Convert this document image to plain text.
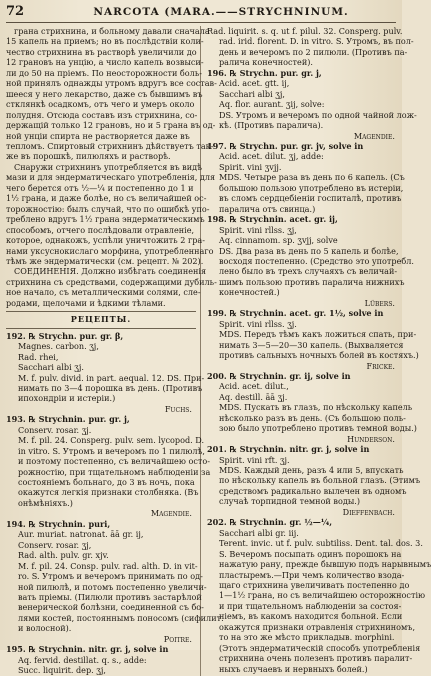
72	NARCOTA (MARA.——STRYCHNINUM.
грана стрихнина, и больному давали сначала
15 капель на приемъ; но въ послѣдствіи коли-
чество стрихнина въ растворѣ увеличили до
12 грановъ на унцію, а число капель возвыси-
ли до 50 на пріемъ. По неосторожности боль-
ной принялъ однажды утромъ вдругъ все состав-
шееся у него лекарство, даже съ бывшимъ въ
стклянкѣ осадкомъ, отъ чего и умеръ около
полудня. Отсюда составъ изъ стрихнина, со-
держащій только 12 грановъ, но и 5 грана въ од-
ной унціи спирта не растворяется даже въ
тепломъ. Спиртовый стрихнинъ дѣйствуетъ так-
же въ порошкѣ, пилюляхъ и растворѣ.
Снаружи стрихнинъ употребляется въ видѣ
мази и для эндерматическаго употребленія, для
чего берется отъ ½—¼ и постепенно до 1 и
1½ грана, и даже болѣе, но съ величайшей ос-
торожностію: былъ случай, что по ошибкѣ упо-
треблено вдругъ 1½ грана эндерматическимъ
способомъ, отчего послѣдовали отравленіе,
которое, однакожъ, успѣли уничтожить 2 гра-
нами уксуснокислаго морфина, употребленнаго
тѣмъ же эндерматически (см. рецепт. № 202).
СОЕДИНЕНІЯ. Должно избѣгать соединенія
стрихнина съ средствами, содержащими дубиль-
ное начало, съ металлическими солями, сле-
родами, щелочами и ѣдкими тѣлами.
РЕЦЕПТЫ.
192. ℞ Strychn. pur. gr. β,
Magnes. carbon. ʒj,
Rad. rhei,
Sacchari albi ʒj.
M. f. pulv. divid. in part. aequal. 12. DS. При-
нимать по 3—4 порошка въ день. (Противъ
ипохондріи и истеріи.)
Fuchs.
193. ℞ Strychnin. pur. gr. j,
Conserv. rosar. ʒj.
M. f. pil. 24. Consperg. pulv. sem. lycopod. D.
in vitro. S. Утромъ и вечеромъ по 1 пилюлѣ,
и поэтому постепенно, съ величайшею осто-
рожностію, при тщательномъ наблюденіи за
состояніемъ больнаго, до 3 въ ночь, пока
окажутся легкія признаки столбняка. (Въ
онѣмѣніяхъ.)
Magendie.
194. ℞ Strychnin. puri,
Aur. muriat. natronat. āā gr. ij,
Conserv. rosar. ʒj,
Rad. alth. pulv. gr. xjv.
M. f. pil. 24. Consp. pulv. rad. alth. D. in vit-
ro. S. Утромъ и вечеромъ принимать по од-
ной пилюлѣ, и потомъ постепенно увеличи-
вать пріемы. (Пилюли противъ застарѣлой
венерической болѣзни, соединенной съ бо-
лями костей, постояннымъ поносомъ (сифилит.
и волосной).
Poitre.
195. ℞ Strychnin. nitr. gr. j, solve in
Aq. fervid. destillat. q. s., adde:
Succ. liquirit. dep. ʒj,
Rad. liquirit. s. q. ut f. pilul. 32. Consperg. pulv.
rad. irid. florent. D. in vitro. S. Утромъ, въ пол-
день и вечеромъ по 2 пилюли. (Противъ па-
ралича конечностей).
196. ℞ Strychn. pur. gr. j,
Acid. acet. gtt. ij,
Sacchari albi ʒj,
Aq. flor. aurant. ʒij, solve:
DS. Утромъ и вечеромъ по одной чайной лож-
кѣ. (Противъ паралича).
Magendie.
197. ℞ Strychn. pur. gr. jv, solve in
Acid. acet. dilut. ʒj, adde:
Spirit. vini ʒvjj.
MDS. Четыре раза въ день по 6 капель. (Съ
большою пользою употреблено въ истеріи,
въ сломъ сердцебіеніи госпиталѣ, противъ
паралича отъ свинца.)
198. ℞ Strychnin. acet. gr. ij,
Spirit. vini rllss. ʒj,
Aq. cinnamom. sp. ʒvjj, solve
DS. Два раза въ день по 5 капель и болѣе,
восходя постепенно. (Средство это употребл.
лено было въ трехъ случаяхъ съ величай-
шимъ пользою противъ паралича нижнихъ
конечностей.)
Lübers.
199. ℞ Strychnin. acet. gr. 1½, solve in
Spirit. vini rllss. ʒj.
MDS. Передъ тѣмъ какъ ложиться спать, при-
нимать 3—5—20—30 капель. (Выхваляется
противъ сальныхъ ночныхъ болей въ костяхъ.)
Fricke.
200. ℞ Strychnin. gr. ij, solve in
Acid. acet. dilut.,
Aq. destill. āā ʒj.
MDS. Пускать въ глазъ, по нѣскольку капель
нѣсколько разъ въ день. (Съ большою поль-
зою было употреблено противъ темной воды.)
Hunderson.
201. ℞ Strychnin. nitr. gr. j, solve in
Spirit. vini rft. ʒj.
MDS. Каждый день, разъ 4 или 5, впускать
по нѣскольку капель въ больной глазъ. (Этимъ
средствомъ радикально вылечен въ одномъ
случаѣ торпидной темной воды.)
Dieffenbach.
202. ℞ Strychnin. gr. ½—¼,
Sacchari albi gr. iij.
Terent. invic. ut f. pulv. subtiliss. Dent. tal. dos. 3.
S. Вечеромъ посыпать одинъ порошокъ на
нажатую рану, прежде бывшую подъ нарывнымъ
пластыремъ.—При чемъ количество взода-
щаго стрихнина увеличивать постепенно до
1—1½ грана, но съ величайшею осторожностію
и при тщательномъ наблюденіи за состоя-
ніемъ, въ какомъ находится больной. Если
окажутся признаки отравленія стрихниномъ,
то на это же мѣсто прикладыв. morphini.
(Этотъ эндерматическій способъ употребленія
стрихнина очень полезенъ противъ паралит-
ныхъ случаевъ и нервныхъ болей.)
